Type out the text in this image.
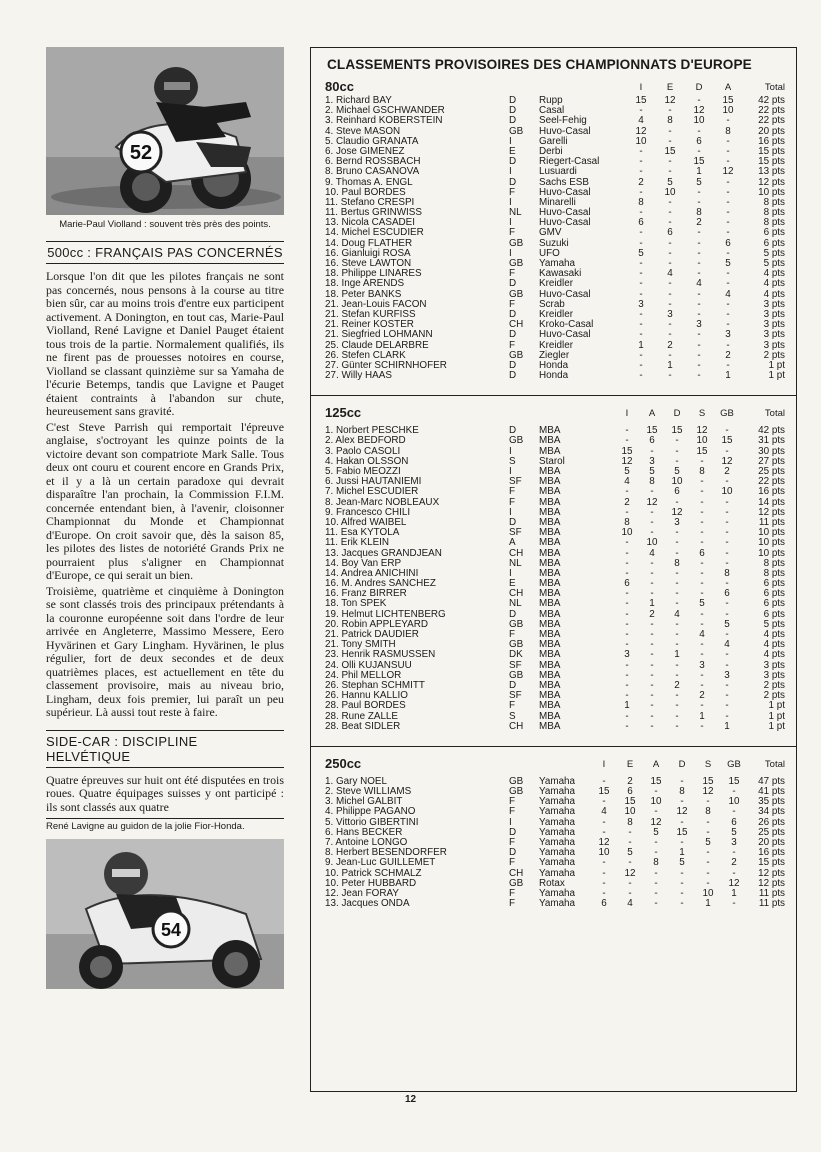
52
Marie-Paul Violland : souvent très près des points.
500cc : FRANÇAIS PAS CONCERNÉS

Lorsque l'on dit que les pilotes français ne sont pas concernés, nous pensons à la course au titre bien sûr, car au moins trois d'entre eux participent activement. A Donington, en tout cas, Marie-Paul Violland, René Lavigne et Daniel Pauget étaient tous trois de la partie. Normalement qualifiés, ils ne firent pas de prouesses notoires en course, Violland se classant quinzième sur sa Yamaha de l'écurie Betemps, tandis que Lavigne et Pauget étaient contraints à l'abandon sur chute, heureusement sans gravité.

C'est Steve Parrish qui remportait l'épreuve anglaise, s'octroyant les quinze points de la victoire devant son compatriote Mark Salle. Tous deux ont couru et courent encore en Grands Prix, et il y a là un certain paradoxe qui devrait disparaître l'an prochain, la Commission F.I.M. concernée entendant bien, à l'avenir, cloisonner Championnat du Monde et Championnat d'Europe. On croit savoir que, dès la saison 85, les pilotes des listes de notoriété Grands Prix ne pourraient plus s'aligner en Championnat d'Europe, ce qui serait un bien.

Troisième, quatrième et cinquième à Donington se sont classés trois des principaux prétendants à la couronne européenne soit dans l'ordre de leur arrivée en Angleterre, Massimo Messere, Eero Hyvärinen et Gary Lingham. Hyvärinen, le plus régulier, fort de deux secondes et de deux quatrièmes places, est actuellement en tête du classement provisoire, mais au niveau brio, Lingham, deux fois premier, lui paraît un peu supérieur. Là aussi tout reste à faire.

SIDE-CAR : DISCIPLINE HELVÉTIQUE

Quatre épreuves sur huit ont été disputées en trois roues. Quatre équipages suisses y ont participé : ils sont classés aux quatre

René Lavigne au guidon de la jolie Fior-Honda.
54
CLASSEMENTS PROVISOIRES DES CHAMPIONNATS D'EUROPE
80cc	I	E	D	A	Total
1. Richard BAY	D Rupp	15	12	-	15	42 pts
2. Michael GSCHWANDER	D Casal	-	-	12	10	22 pts
3. Reinhard KOBERSTEIN	D Seel-Fehig	4	8	10	-	22 pts
4. Steve MASON	GB Huvo-Casal	12	-	-	8	20 pts
5. Claudio GRANATA	I	Garelli	10	-	6	-	16 pts
6. Jose GIMENEZ	E Derbi	-	15	-	-	15 pts
6. Bernd ROSSBACH	D Riegert-Casal	-	-	15	-	15 pts
8. Bruno CASANOVA	I	Lusuardi	-	-	1	12	13 pts
9. Thomas A. ENGL	D Sachs ESB	2	5	5	-	12 pts
10. Paul BORDES	F Huvo-Casal	-	10	-	-	10 pts
11. Stefano CRESPI	I	Minarelli	8	-	-	-	8 pts
11. Bertus GRINWISS	NL Huvo-Casal	-	-	8	-	8 pts
13. Nicola CASADEI	I	Huvo-Casal	6	-	2	-	8 pts
14. Michel ESCUDIER	F GMV	-	6	-	-	6 pts
14. Doug FLATHER	GB Suzuki	-	-	-	6	6 pts
16. Gianluigi ROSA	I	UFO	5	-	-	-	5 pts
16. Steve LAWTON	GB Yamaha	-	-	-	5	5 pts
18. Philippe LINARES	F Kawasaki	-	4	-	-	4 pts
18. Inge ARENDS	D Kreidler	-	-	4	-	4 pts
18. Peter BANKS	GB Huvo-Casal	-	-	-	4	4 pts
21. Jean-Louis FACON	F Scrab	3	-	-	-	3 pts
21. Stefan KURFISS	D Kreidler	-	3	-	-	3 pts
21. Reiner KOSTER	CH Kroko-Casal	-	-	3	-	3 pts
21. Siegfried LOHMANN	D Huvo-Casal	-	-	-	3	3 pts
25. Claude DELARBRE	F Kreidler	1	2	-	-	3 pts
26. Stefen CLARK	GB Ziegler	-	-	-	2	2 pts
27. Günter SCHIRNHOFER	D Honda	-	1	-	-	1 pt
27. Willy HAAS	D Honda	-	-	-	1	1 pt
125cc	I	A	D	S	GB	Total
1. Norbert PESCHKE	D MBA	-	15	15	12	-	42 pts
2. Alex BEDFORD	GB MBA	-	6	-	10	15	31 pts
3. Paolo CASOLI	I	MBA	15	-	-	15	-	30 pts
4. Hakan OLSSON	S Starol	12	3	-	-	12	27 pts
5. Fabio MEOZZI	I	MBA	5	5	5	8	2	25 pts
6. Jussi HAUTANIEMI	SF MBA	4	8	10	-	-	22 pts
7. Michel ESCUDIER	F MBA	-	-	6	-	10	16 pts
8. Jean-Marc NOBLEAUX	F MBA	2	12	-	-	-	14 pts
9. Francesco CHILI	I	MBA	-	-	12	-	-	12 pts
10. Alfred WAIBEL	D MBA	8	-	3	-	-	11 pts
11. Esa KYTOLA	SF MBA	10	-	-	-	-	10 pts
11. Erik KLEIN	A MBA	-	10	-	-	-	10 pts
13. Jacques GRANDJEAN	CH MBA	-	4	-	6	-	10 pts
14. Boy Van ERP	NL MBA	-	-	8	-	-	8 pts
14. Andrea ANICHINI	I	MBA	-	-	-	-	8	8 pts
16. M. Andres SANCHEZ	E MBA	6	-	-	-	-	6 pts
16. Franz BIRRER	CH MBA	-	-	-	-	6	6 pts
18. Ton SPEK	NL MBA	-	1	-	5	-	6 pts
19. Helmut LICHTENBERG	D MBA	-	2	4	-	-	6 pts
20. Robin APPLEYARD	GB MBA	-	-	-	-	5	5 pts
21. Patrick DAUDIER	F MBA	-	-	-	4	-	4 pts
21. Tony SMITH	GB MBA	-	-	-	-	4	4 pts
23. Henrik RASMUSSEN	DK MBA	3	-	1	-	-	4 pts
24. Olli KUJANSUU	SF MBA	-	-	-	3	-	3 pts
24. Phil MELLOR	GB MBA	-	-	-	-	3	3 pts
26. Stephan SCHMITT	D MBA	-	-	2	-	-	2 pts
26. Hannu KALLIO	SF MBA	-	-	-	2	-	2 pts
28. Paul BORDES	F MBA	1	-	-	-	-	1 pt
28. Rune ZALLE	S MBA	-	-	-	1	-	1 pt
28. Beat SIDLER	CH MBA	-	-	-	-	1	1 pt
250cc	I	E	A	D	S	GB	Total
1. Gary NOEL	GB Yamaha	-	2	15	-	15	15	47 pts
2. Steve WILLIAMS	GB Yamaha	15	6	-	8	12	-	41 pts
3. Michel GALBIT	F Yamaha	-	15	10	-	-	10	35 pts
4. Philippe PAGANO	F Yamaha	4	10	-	12	8	-	34 pts
5. Vittorio GIBERTINI	I	Yamaha	-	8	12	-	-	6	26 pts
6. Hans BECKER	D Yamaha	-	-	5	15	-	5	25 pts
7. Antoine LONGO	F Yamaha	12	-	-	-	5	3	20 pts
8. Herbert BESENDORFER	D Yamaha	10	5	-	1	-	-	16 pts
9. Jean-Luc GUILLEMET	F Yamaha	-	-	8	5	-	2	15 pts
10. Patrick SCHMALZ	CH Yamaha	-	12	-	-	-	-	12 pts
10. Peter HUBBARD	GB Rotax	-	-	-	-	-	12	12 pts
12. Jean FORAY	F Yamaha	-	-	-	-	10	1	11 pts
13. Jacques ONDA	F Yamaha	6	4	-	-	1	-	11 pts
12
